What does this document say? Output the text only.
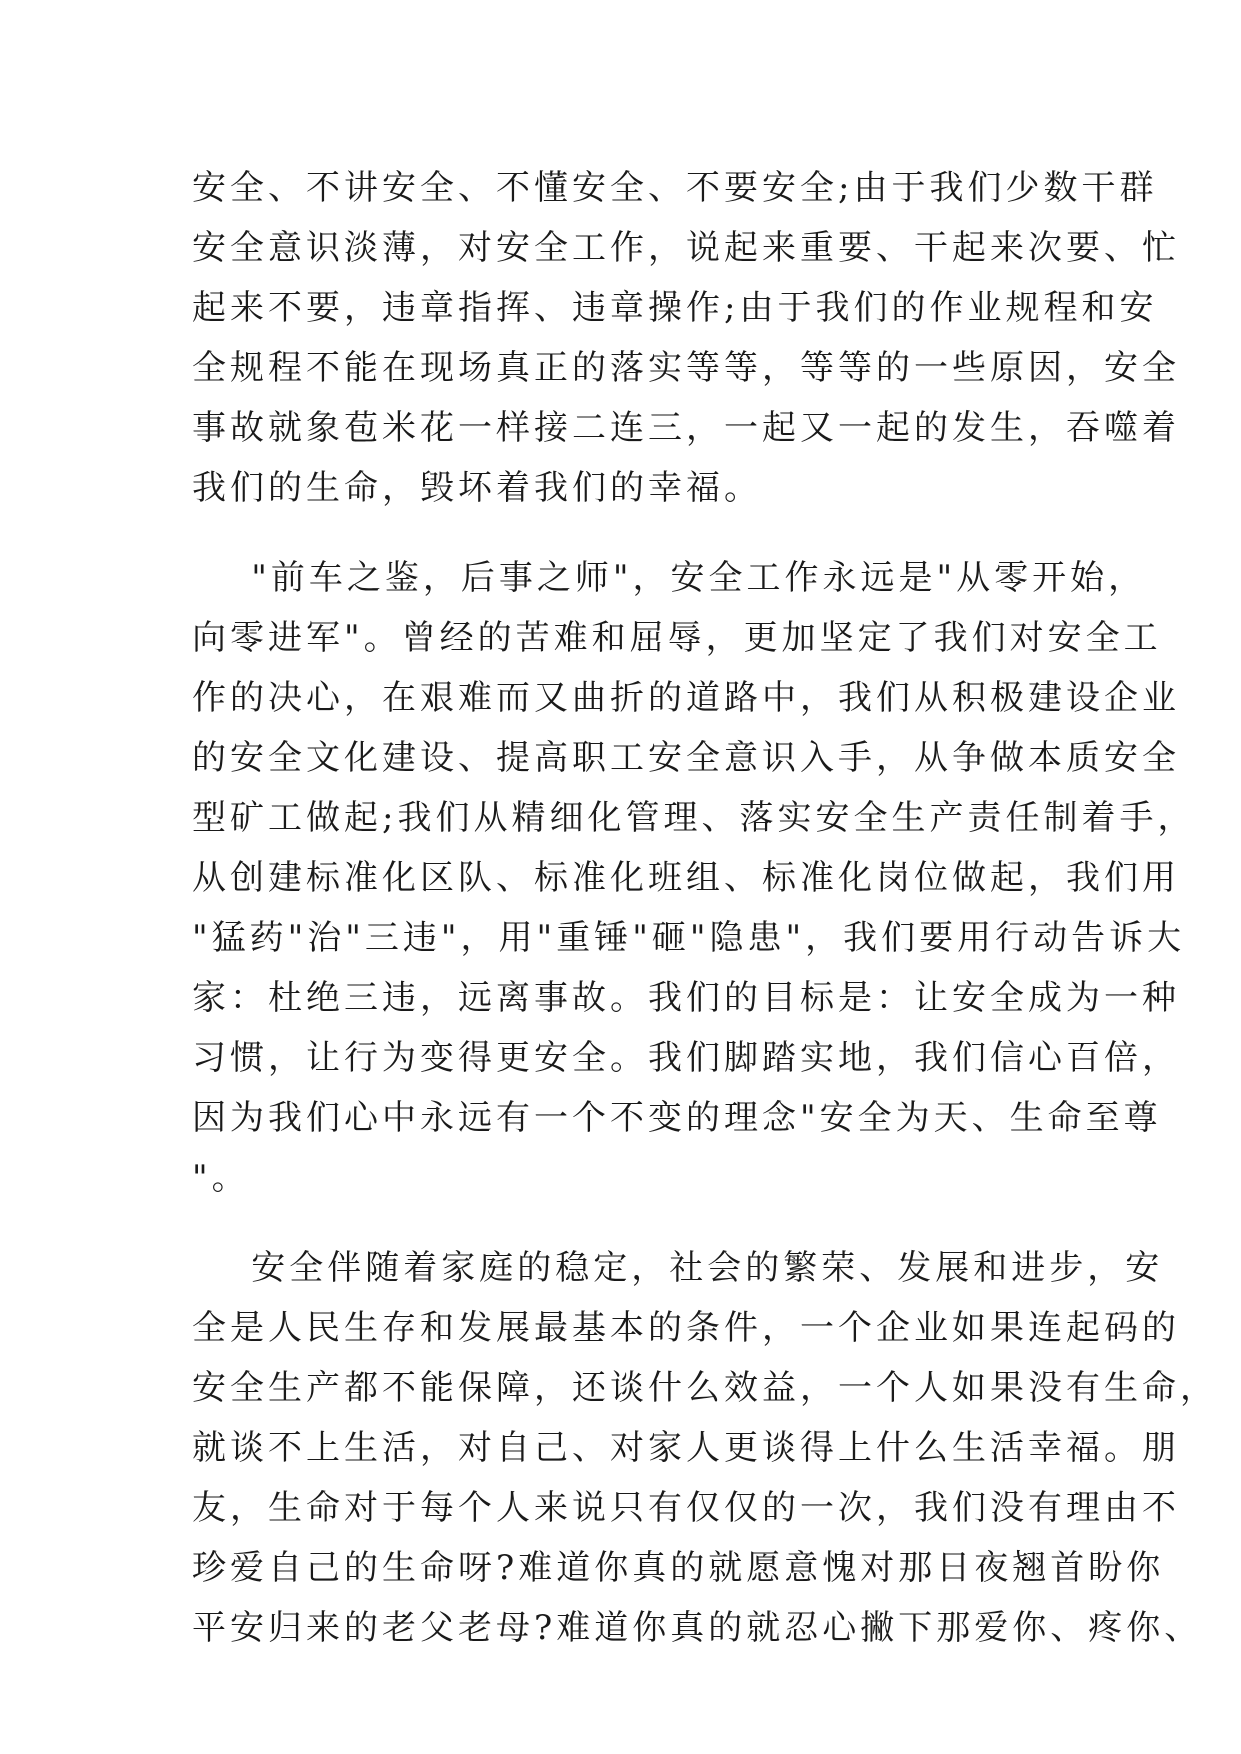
安全、不讲安全、不懂安全、不要安全;由于我们少数干群
安全意识淡薄，对安全工作，说起来重要、干起来次要、忙
起来不要，违章指挥、违章操作;由于我们的作业规程和安
全规程不能在现场真正的落实等等，等等的一些原因，安全
事故就象苞米花一样接二连三，一起又一起的发生，吞噬着
我们的生命，毁坏着我们的幸福。
"前车之鉴，后事之师"，安全工作永远是"从零开始，
向零进军"。曾经的苦难和屈辱，更加坚定了我们对安全工
作的决心，在艰难而又曲折的道路中，我们从积极建设企业
的安全文化建设、提高职工安全意识入手，从争做本质安全
型矿工做起;我们从精细化管理、落实安全生产责任制着手，
从创建标准化区队、标准化班组、标准化岗位做起，我们用
"猛药"治"三违"，用"重锤"砸"隐患"，我们要用行动告诉大
家：杜绝三违，远离事故。我们的目标是：让安全成为一种
习惯，让行为变得更安全。我们脚踏实地，我们信心百倍，
因为我们心中永远有一个不变的理念"安全为天、生命至尊
"。
安全伴随着家庭的稳定，社会的繁荣、发展和进步，安
全是人民生存和发展最基本的条件，一个企业如果连起码的
安全生产都不能保障，还谈什么效益，一个人如果没有生命，
就谈不上生活，对自己、对家人更谈得上什么生活幸福。朋
友，生命对于每个人来说只有仅仅的一次，我们没有理由不
珍爱自己的生命呀?难道你真的就愿意愧对那日夜翘首盼你
平安归来的老父老母?难道你真的就忍心撇下那爱你、疼你、
